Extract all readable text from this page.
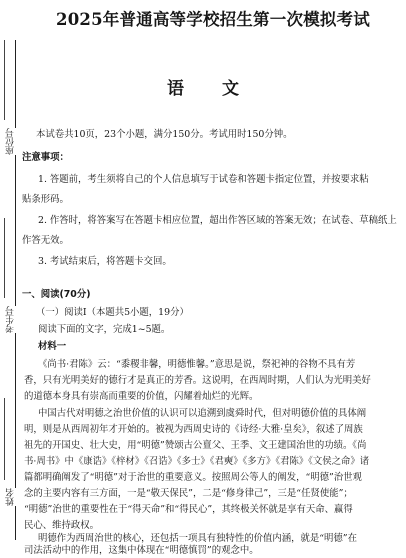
座位号
考生号
姓名
2025年普通高等学校招生第一次模拟考试
语 文
本试卷共10页，23个小题，满分150分。考试用时150分钟。
注意事项：
1. 答题前，考生须将自己的个人信息填写于试卷和答题卡指定位置，并按要求粘
贴条形码。
2. 作答时，将答案写在答题卡相应位置，超出作答区域的答案无效；在试卷、草稿纸上
作答无效。
3. 考试结束后，将答题卡交回。
一、阅读(70分)
（一）阅读Ⅰ（本题共5小题，19分）
阅读下面的文字，完成1~5题。
材料一
《尚书·君陈》云：“黍稷非馨，明德惟馨。”意思是说，祭祀神的谷物不具有芳
香，只有光明美好的德行才是真正的芳香。这说明，在西周时期，人们认为光明美好
的道德本身具有崇高而重要的价值，闪耀着灿烂的光辉。
中国古代对明德之治世价值的认识可以追溯到虞舜时代，但对明德价值的具体阐
明，则是从西周初年才开始的。被视为西周史诗的《诗经·大雅·皇矣》，叙述了周族
祖先的开国史、壮大史，用“明德”赞颂古公亶父、王季、文王建国治世的功绩。《尚
书·周书》中《康诰》《梓材》《召诰》《多士》《君奭》《多方》《君陈》《文侯之命》诸
篇都明确阐发了“明德”对于治世的重要意义。按照周公等人的阐发，“明德”治世观
念的主要内容有三方面，一是“敬天保民”，二是“修身律己”，三是“任贤使能”；
“明德”治世的重要性在于“得天命”和“得民心”，其终极关怀就是享有天命、赢得
民心、维持政权。
明德作为西周治世的核心，还包括一项具有独特性的价值内涵，就是“明德”在
司法活动中的作用，这集中体现在“明德慎罚”的观念中。
